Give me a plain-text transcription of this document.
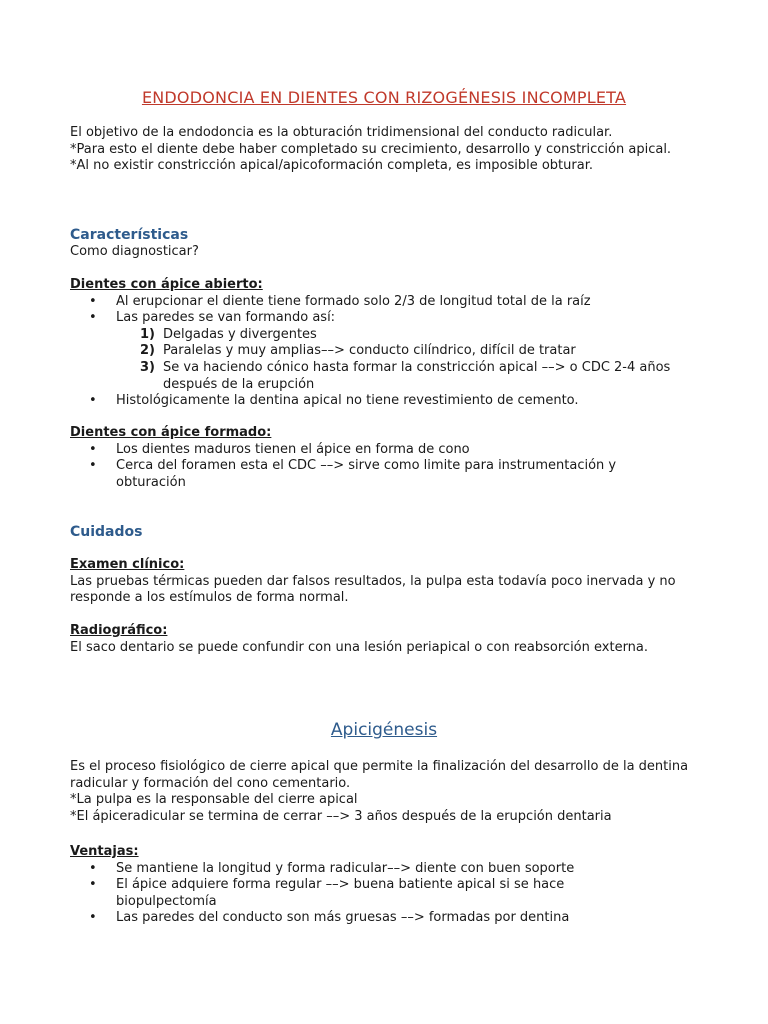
ENDODONCIA EN DIENTES CON RIZOGÉNESIS INCOMPLETA

El objetivo de la endodoncia es la obturación tridimensional del conducto radicular.

*Para esto el diente debe haber completado su crecimiento, desarrollo y constricción apical.

*Al no existir constricción apical/apicoformación completa, es imposible obturar.

Características

Como diagnosticar?

Dientes con ápice abierto:

• Al erupcionar el diente tiene formado solo 2/3 de longitud total de la raíz
• Las paredes se van formando así:
1) Delgadas y divergentes
2) Paralelas y muy amplias––> conducto cilíndrico, difícil de tratar
3) Se va haciendo cónico hasta formar la constricción apical ––> o CDC 2-4 años después de la erupción
• Histológicamente la dentina apical no tiene revestimiento de cemento.

Dientes con ápice formado:

• Los dientes maduros tienen el ápice en forma de cono
• Cerca del foramen esta el CDC ––> sirve como limite para instrumentación y obturación

Cuidados

Examen clínico:

Las pruebas térmicas pueden dar falsos resultados, la pulpa esta todavía poco inervada y no responde a los estímulos de forma normal.

Radiográfico:

El saco dentario se puede confundir con una lesión periapical o con reabsorción externa.

Apicigénesis

Es el proceso fisiológico de cierre apical que permite la finalización del desarrollo de la dentina radicular y formación del cono cementario.

*La pulpa es la responsable del cierre apical

*El ápiceradicular se termina de cerrar ––> 3 años después de la erupción dentaria

Ventajas:

• Se mantiene la longitud y forma radicular––> diente con buen soporte
• El ápice adquiere forma regular ––> buena batiente apical si se hace biopulpectomía
• Las paredes del conducto son más gruesas ––> formadas por dentina
